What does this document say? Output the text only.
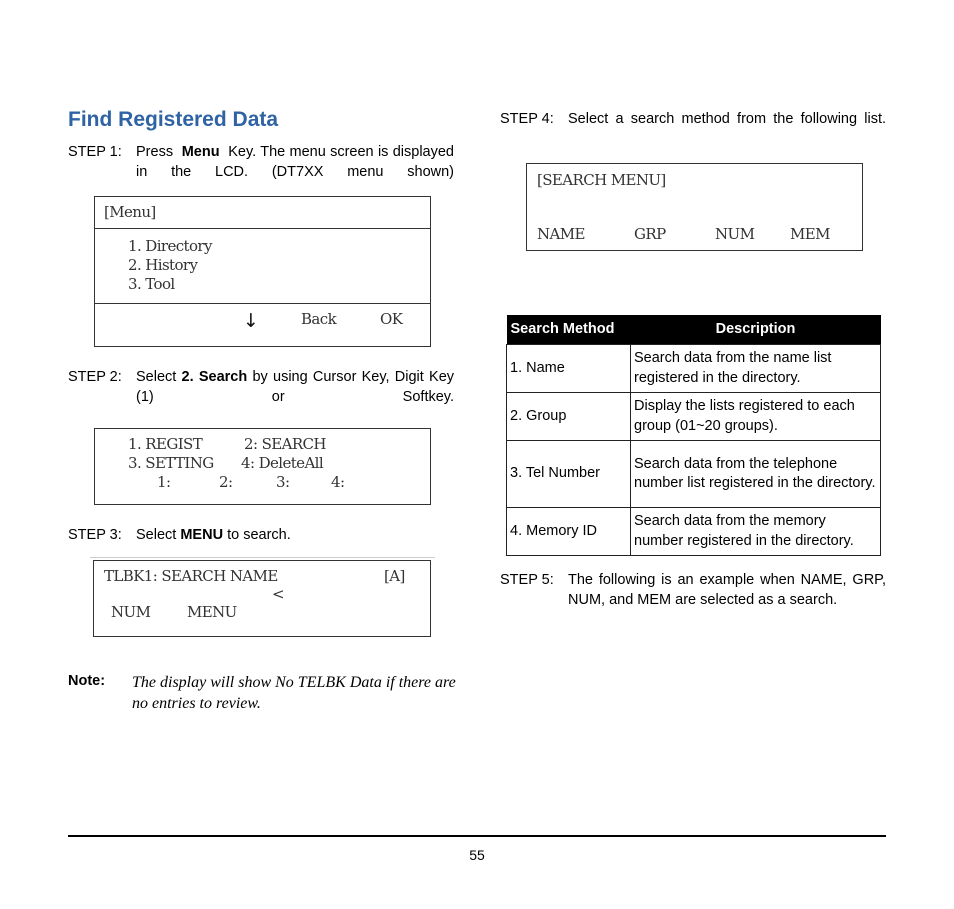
Find Registered Data
STEP 1: Press Menu Key. The menu screen is displayed in the LCD. (DT7XX menu shown)
[Menu]
1. Directory
2. History
3. Tool
↓	Back	OK
STEP 2: Select 2. Search by using Cursor Key, Digit Key (1) or Softkey.
1. REGIST	2: SEARCH
3. SETTING 4: DeleteAll
1:	2:	3:	4:
STEP 3: Select MENU to search.
TLBK1: SEARCH NAME	[A]
<
NUM MENU
Note: The display will show No TELBK Data if there are no entries to review.
STEP 4: Select a search method from the following list.
[SEARCH MENU]
NAME	GRP	NUM MEM
Search Method	Description
1. Name	Search data from the name list registered in the directory.
2. Group	Display the lists registered to each group (01~20 groups).
3. Tel Number	Search data from the telephone number list registered in the directory.
4. Memory ID	Search data from the memory number registered in the directory.
STEP 5: The following is an example when NAME, GRP, NUM, and MEM are selected as a search.
55
